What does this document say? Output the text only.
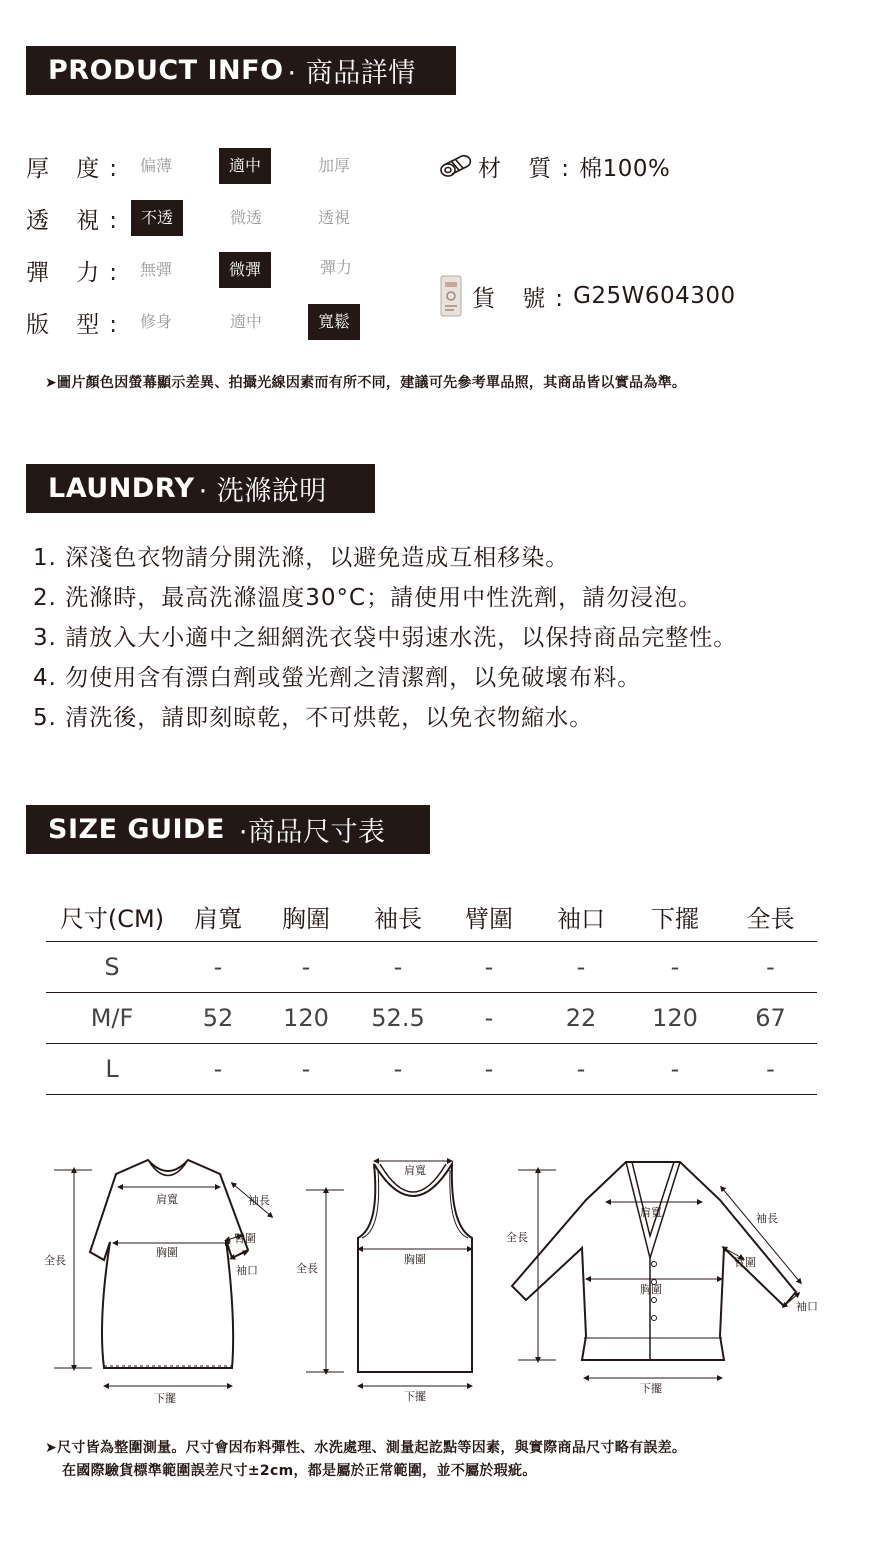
PRODUCT INFO · 商品詳情
厚 度: 偏薄	適中	加厚
透 視: 不透	微透	透視
彈 力: 無彈	微彈	彈力
版 型: 修身	適中	寬鬆
材 質: 棉100%
貨 號: G25W604300
➤圖片顏色因螢幕顯示差異、拍攝光線因素而有所不同，建議可先參考單品照，其商品皆以實品為準。
LAUNDRY · 洗滌說明
1. 深淺色衣物請分開洗滌，以避免造成互相移染。
2. 洗滌時，最高洗滌溫度30°C；請使用中性洗劑，請勿浸泡。
3. 請放入大小適中之細網洗衣袋中弱速水洗，以保持商品完整性。
4. 勿使用含有漂白劑或螢光劑之清潔劑，以免破壞布料。
5. 清洗後，請即刻晾乾，不可烘乾，以免衣物縮水。
SIZE GUIDE ·商品尺寸表
尺寸(CM)	肩寬	胸圍	袖長	臂圍	袖口	下擺	全長
S	-	-	-	-	-	-	-
M/F	52	120	52.5	-	22	120	67
L	-	-	-	-	-	-	-
肩寬
胸圍
袖長
臂圍
袖口
全長
下擺
肩寬
胸圍
全長
下擺
肩寬
胸圍
袖長
臂圍
袖口
全長
下擺
➤尺寸皆為整圍測量。尺寸會因布料彈性、水洗處理、測量起訖點等因素，與實際商品尺寸略有誤差。
在國際驗貨標準範圍誤差尺寸±2cm，都是屬於正常範圍，並不屬於瑕疵。
